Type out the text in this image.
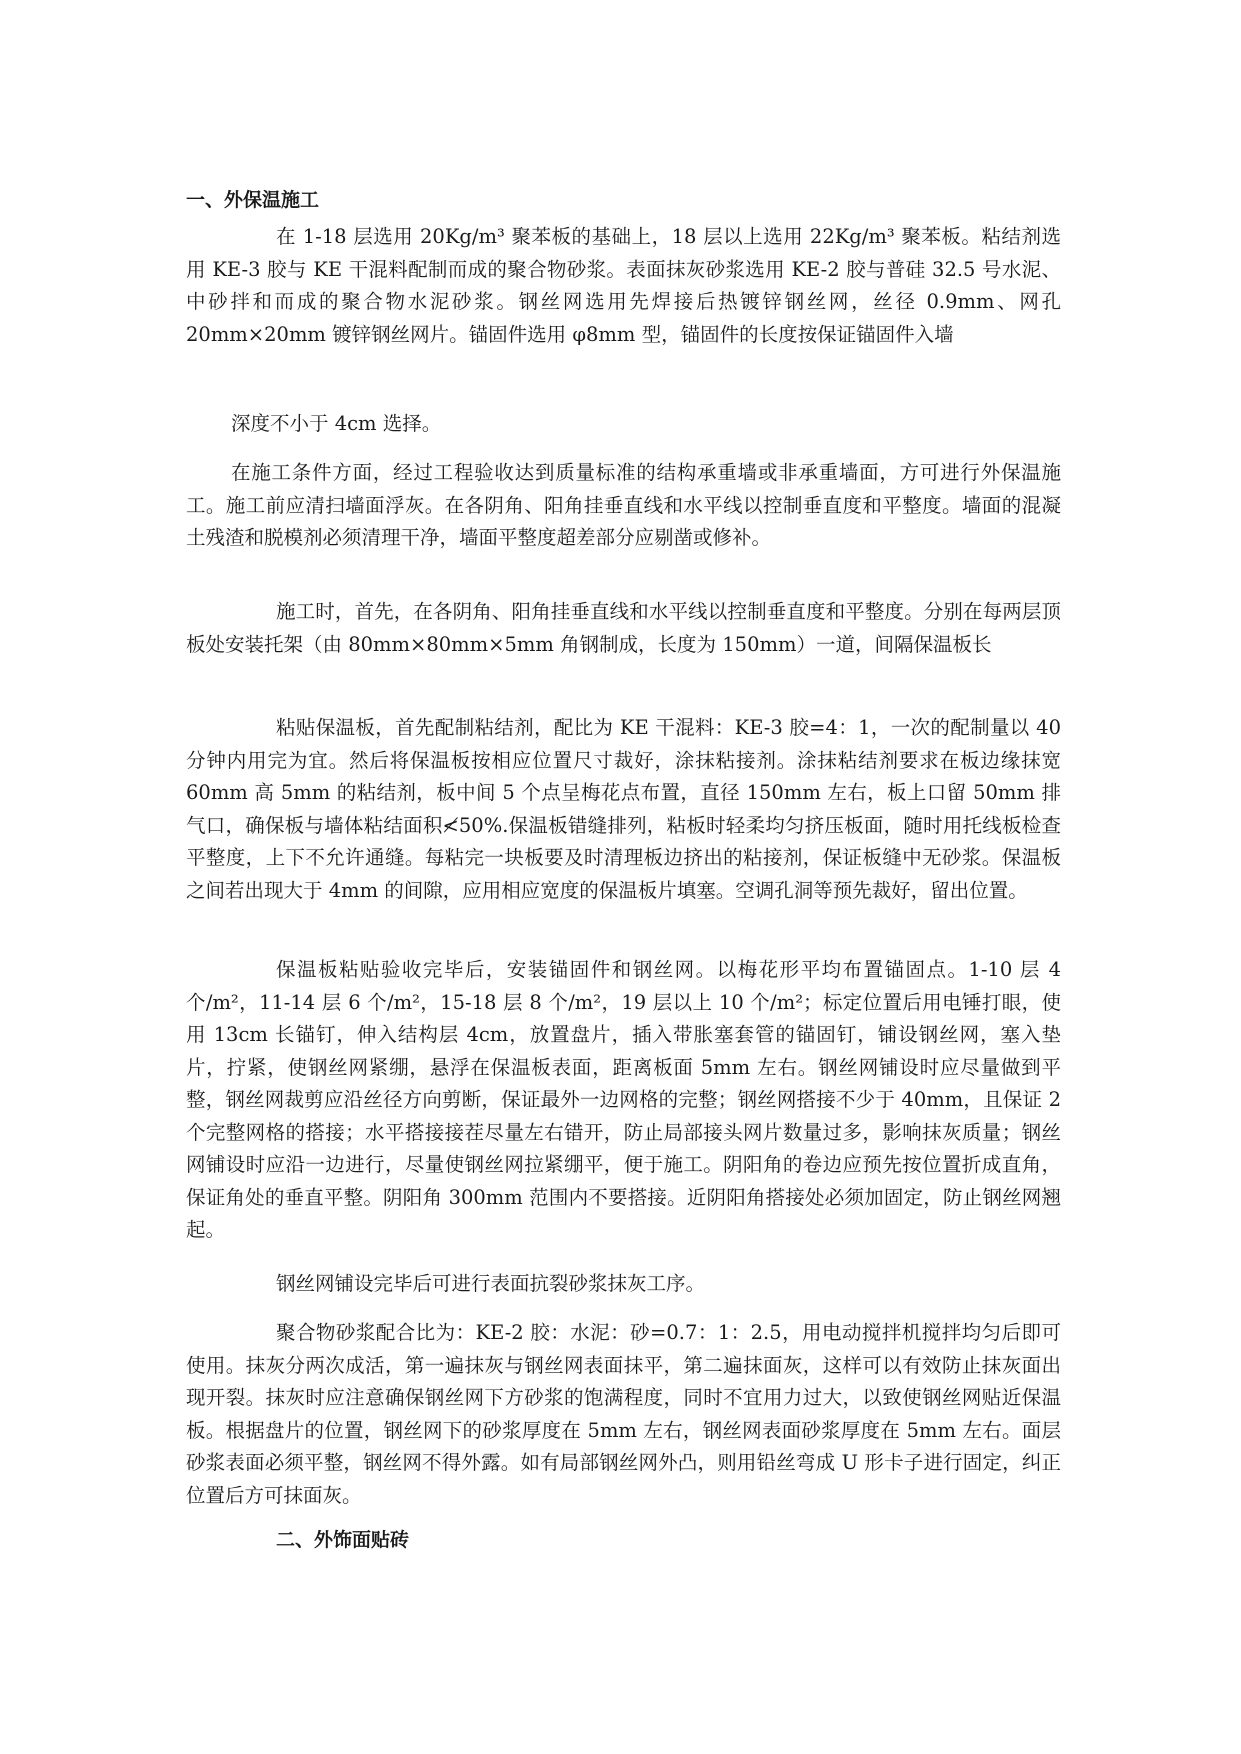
一、外保温施工

在 1-18 层选用 20Kg/m³ 聚苯板的基础上，18 层以上选用 22Kg/m³ 聚苯板。粘结剂选用 KE-3 胶与 KE 干混料配制而成的聚合物砂浆。表面抹灰砂浆选用 KE-2 胶与普硅 32.5 号水泥、中砂拌和而成的聚合物水泥砂浆。钢丝网选用先焊接后热镀锌钢丝网，丝径 0.9mm、网孔 20mm×20mm 镀锌钢丝网片。锚固件选用 φ8mm 型，锚固件的长度按保证锚固件入墙

深度不小于 4cm 选择。

在施工条件方面，经过工程验收达到质量标准的结构承重墙或非承重墙面，方可进行外保温施工。施工前应清扫墙面浮灰。在各阴角、阳角挂垂直线和水平线以控制垂直度和平整度。墙面的混凝土残渣和脱模剂必须清理干净，墙面平整度超差部分应剔凿或修补。

施工时，首先，在各阴角、阳角挂垂直线和水平线以控制垂直度和平整度。分别在每两层顶板处安装托架（由 80mm×80mm×5mm 角钢制成，长度为 150mm）一道，间隔保温板长

粘贴保温板，首先配制粘结剂，配比为 KE 干混料：KE-3 胶=4：1，一次的配制量以 40 分钟内用完为宜。然后将保温板按相应位置尺寸裁好，涂抹粘接剂。涂抹粘结剂要求在板边缘抹宽 60mm 高 5mm 的粘结剂，板中间 5 个点呈梅花点布置，直径 150mm 左右，板上口留 50mm 排气口，确保板与墙体粘结面积≮50%.保温板错缝排列，粘板时轻柔均匀挤压板面，随时用托线板检查平整度，上下不允许通缝。每粘完一块板要及时清理板边挤出的粘接剂，保证板缝中无砂浆。保温板之间若出现大于 4mm 的间隙，应用相应宽度的保温板片填塞。空调孔洞等预先裁好，留出位置。

保温板粘贴验收完毕后，安装锚固件和钢丝网。以梅花形平均布置锚固点。1-10 层 4 个/m²，11-14 层 6 个/m²，15-18 层 8 个/m²，19 层以上 10 个/m²；标定位置后用电锤打眼，使用 13cm 长锚钉，伸入结构层 4cm，放置盘片，插入带胀塞套管的锚固钉，铺设钢丝网，塞入垫片，拧紧，使钢丝网紧绷，悬浮在保温板表面，距离板面 5mm 左右。钢丝网铺设时应尽量做到平整，钢丝网裁剪应沿丝径方向剪断，保证最外一边网格的完整；钢丝网搭接不少于 40mm，且保证 2 个完整网格的搭接；水平搭接接茬尽量左右错开，防止局部接头网片数量过多，影响抹灰质量；钢丝网铺设时应沿一边进行，尽量使钢丝网拉紧绷平，便于施工。阴阳角的卷边应预先按位置折成直角，保证角处的垂直平整。阴阳角 300mm 范围内不要搭接。近阴阳角搭接处必须加固定，防止钢丝网翘起。

钢丝网铺设完毕后可进行表面抗裂砂浆抹灰工序。

聚合物砂浆配合比为：KE-2 胶：水泥：砂=0.7：1：2.5，用电动搅拌机搅拌均匀后即可使用。抹灰分两次成活，第一遍抹灰与钢丝网表面抹平，第二遍抹面灰，这样可以有效防止抹灰面出现开裂。抹灰时应注意确保钢丝网下方砂浆的饱满程度，同时不宜用力过大，以致使钢丝网贴近保温板。根据盘片的位置，钢丝网下的砂浆厚度在 5mm 左右，钢丝网表面砂浆厚度在 5mm 左右。面层砂浆表面必须平整，钢丝网不得外露。如有局部钢丝网外凸，则用铅丝弯成 U 形卡子进行固定，纠正位置后方可抹面灰。

二、外饰面贴砖
